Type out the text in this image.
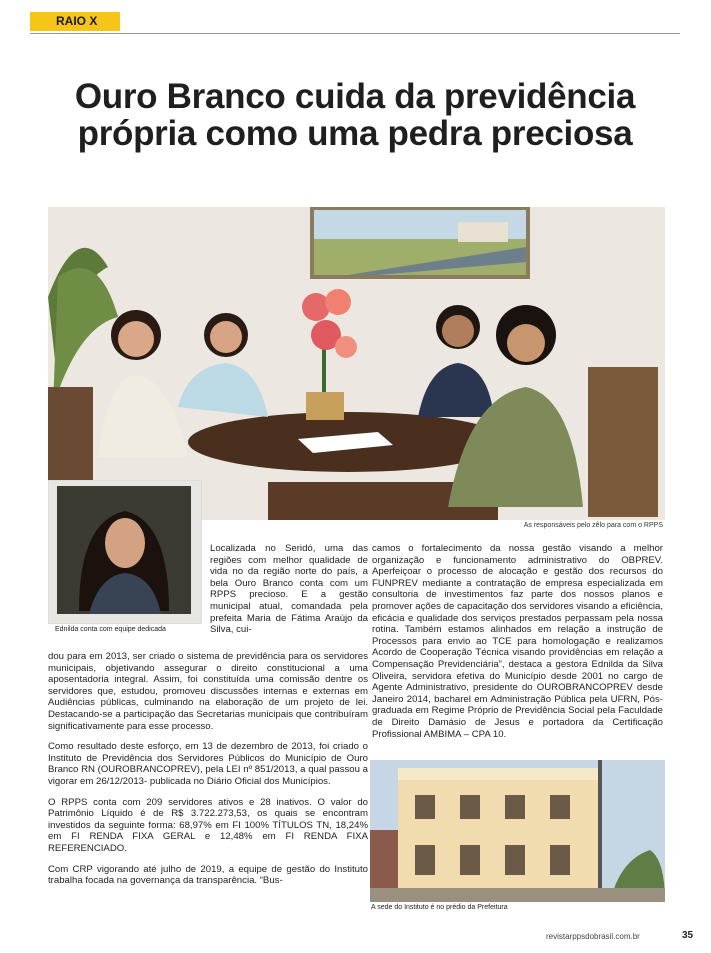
RAIO X
Ouro Branco cuida da previdência própria como uma pedra preciosa
As responsáveis pelo zêlo para com o RPPS
Ednilda conta com equipe dedicada

Localizada no Seridó, uma das regiões com melhor qualidade de vida no da região norte do país, a bela Ouro Branco conta com um RPPS precioso. E a gestão municipal atual, comandada pela prefeita Maria de Fátima Araújo da Silva, cui-

dou para em 2013, ser criado o sistema de previdência para os servidores municipais, objetivando assegurar o direito constitucional a uma aposentadoria integral. Assim, foi constituída uma comissão dentre os servidores que, estudou, promoveu discussões internas e externas em Audiências públicas, culminando na elaboração de um projeto de lei. Destacando-se a participação das Secretarias municipais que contribuíram significativamente para esse processo.

Como resultado deste esforço, em 13 de dezembro de 2013, foi criado o Instituto de Previdência dos Servidores Públicos do Município de Ouro Branco RN (OUROBRANCOPREV), pela LEI nº 851/2013, a qual passou a vigorar em 26/12/2013- publicada no Diário Oficial dos Municípios.

O RPPS conta com 209 servidores ativos e 28 inativos. O valor do Patrimônio Líquido é de R$ 3.722.273,53, os quais se encontram investidos da seguinte forma: 68,97% em FI 100% TÍTULOS TN, 18,24% em FI RENDA FIXA GERAL e 12,48% em FI RENDA FIXA REFERENCIADO.

Com CRP vigorando até julho de 2019, a equipe de gestão do Instituto trabalha focada na governança da transparência. “Bus-

camos o fortalecimento da nossa gestão visando a melhor organização e funcionamento administrativo do OBPREV. Aperfeiçoar o processo de alocação e gestão dos recursos do FUNPREV mediante a contratação de empresa especializada em consultoria de investimentos faz parte dos nossos planos e promover ações de capacitação dos servidores visando a eficiência, eficácia e qualidade dos serviços prestados perpassam pela nossa rotina. Também estamos alinhados em relação a instrução de Processos para envio ao TCE para homologação e realizamos Acordo de Cooperação Técnica visando providências em relação a Compensação Previdenciária”, destaca a gestora Ednilda da Silva Oliveira, servidora efetiva do Município desde 2001 no cargo de Agente Administrativo, presidente do OUROBRANCOPREV desde Janeiro 2014, bacharel em Administração Pública pela UFRN, Pós-graduada em Regime Próprio de Previdência Social pela Faculdade de Direito Damásio de Jesus e portadora da Certificação Profissional AMBIMA – CPA 10.

A sede do Instituto é no prédio da Prefeitura
revistarppsdobrasil.com.br	35
